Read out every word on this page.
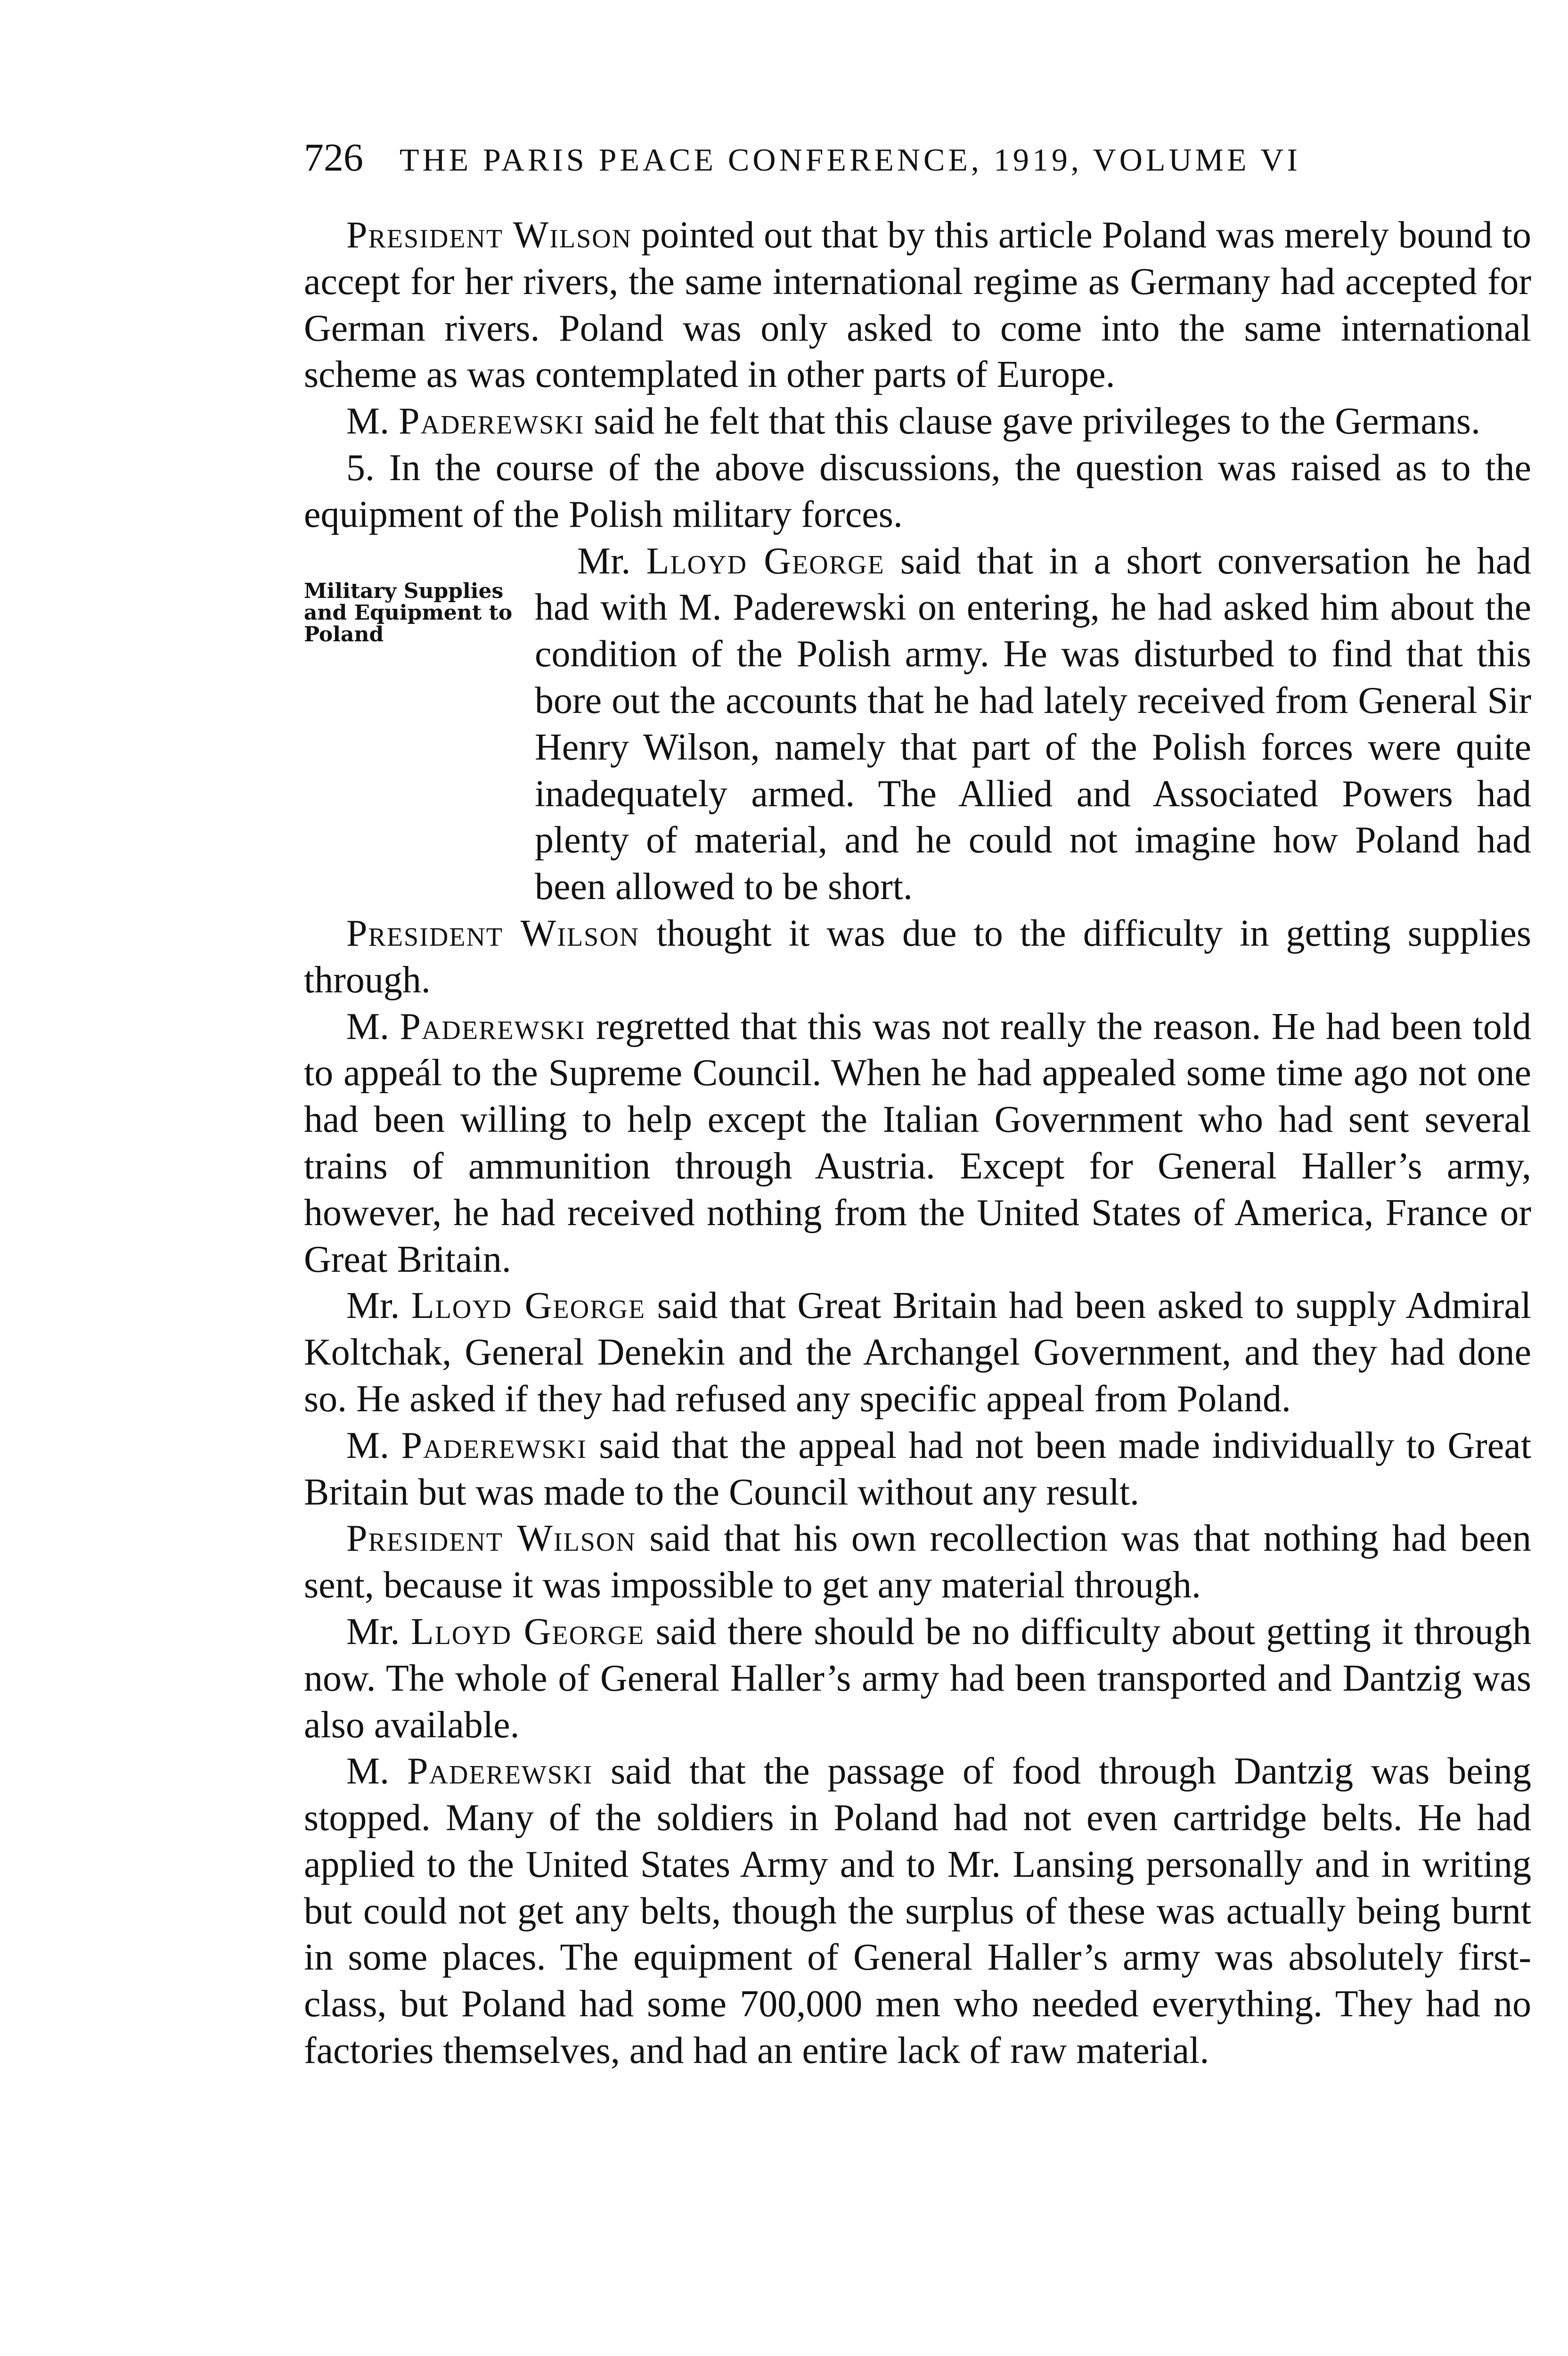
726 THE PARIS PEACE CONFERENCE, 1919, VOLUME VI

President Wilson pointed out that by this article Poland was merely bound to accept for her rivers, the same international regime as Germany had accepted for German rivers. Poland was only asked to come into the same international scheme as was contemplated in other parts of Europe.

M. Paderewski said he felt that this clause gave privileges to the Germans.

5. In the course of the above discussions, the question was raised as to the equipment of the Polish military forces.

Military Supplies
and Equipment to
Poland

Mr. Lloyd George said that in a short conversation he had had with M. Paderewski on entering, he had asked him about the condition of the Polish army. He was disturbed to find that this bore out the accounts that he had lately received from General Sir Henry Wilson, namely that part of the Polish forces were quite inadequately armed. The Allied and Associated Powers had plenty of material, and he could not imagine how Poland had been allowed to be short.

President Wilson thought it was due to the difficulty in getting supplies through.

M. Paderewski regretted that this was not really the reason. He had been told to appeál to the Supreme Council. When he had appealed some time ago not one had been willing to help except the Italian Government who had sent several trains of ammunition through Austria. Except for General Haller’s army, however, he had received nothing from the United States of America, France or Great Britain.

Mr. Lloyd George said that Great Britain had been asked to supply Admiral Koltchak, General Denekin and the Archangel Government, and they had done so. He asked if they had refused any specific appeal from Poland.

M. Paderewski said that the appeal had not been made individually to Great Britain but was made to the Council without any result.

President Wilson said that his own recollection was that nothing had been sent, because it was impossible to get any material through.

Mr. Lloyd George said there should be no difficulty about getting it through now. The whole of General Haller’s army had been transported and Dantzig was also available.

M. Paderewski said that the passage of food through Dantzig was being stopped. Many of the soldiers in Poland had not even cartridge belts. He had applied to the United States Army and to Mr. Lansing personally and in writing but could not get any belts, though the surplus of these was actually being burnt in some places. The equipment of General Haller’s army was absolutely first-class, but Poland had some 700,000 men who needed everything. They had no factories themselves, and had an entire lack of raw material.
